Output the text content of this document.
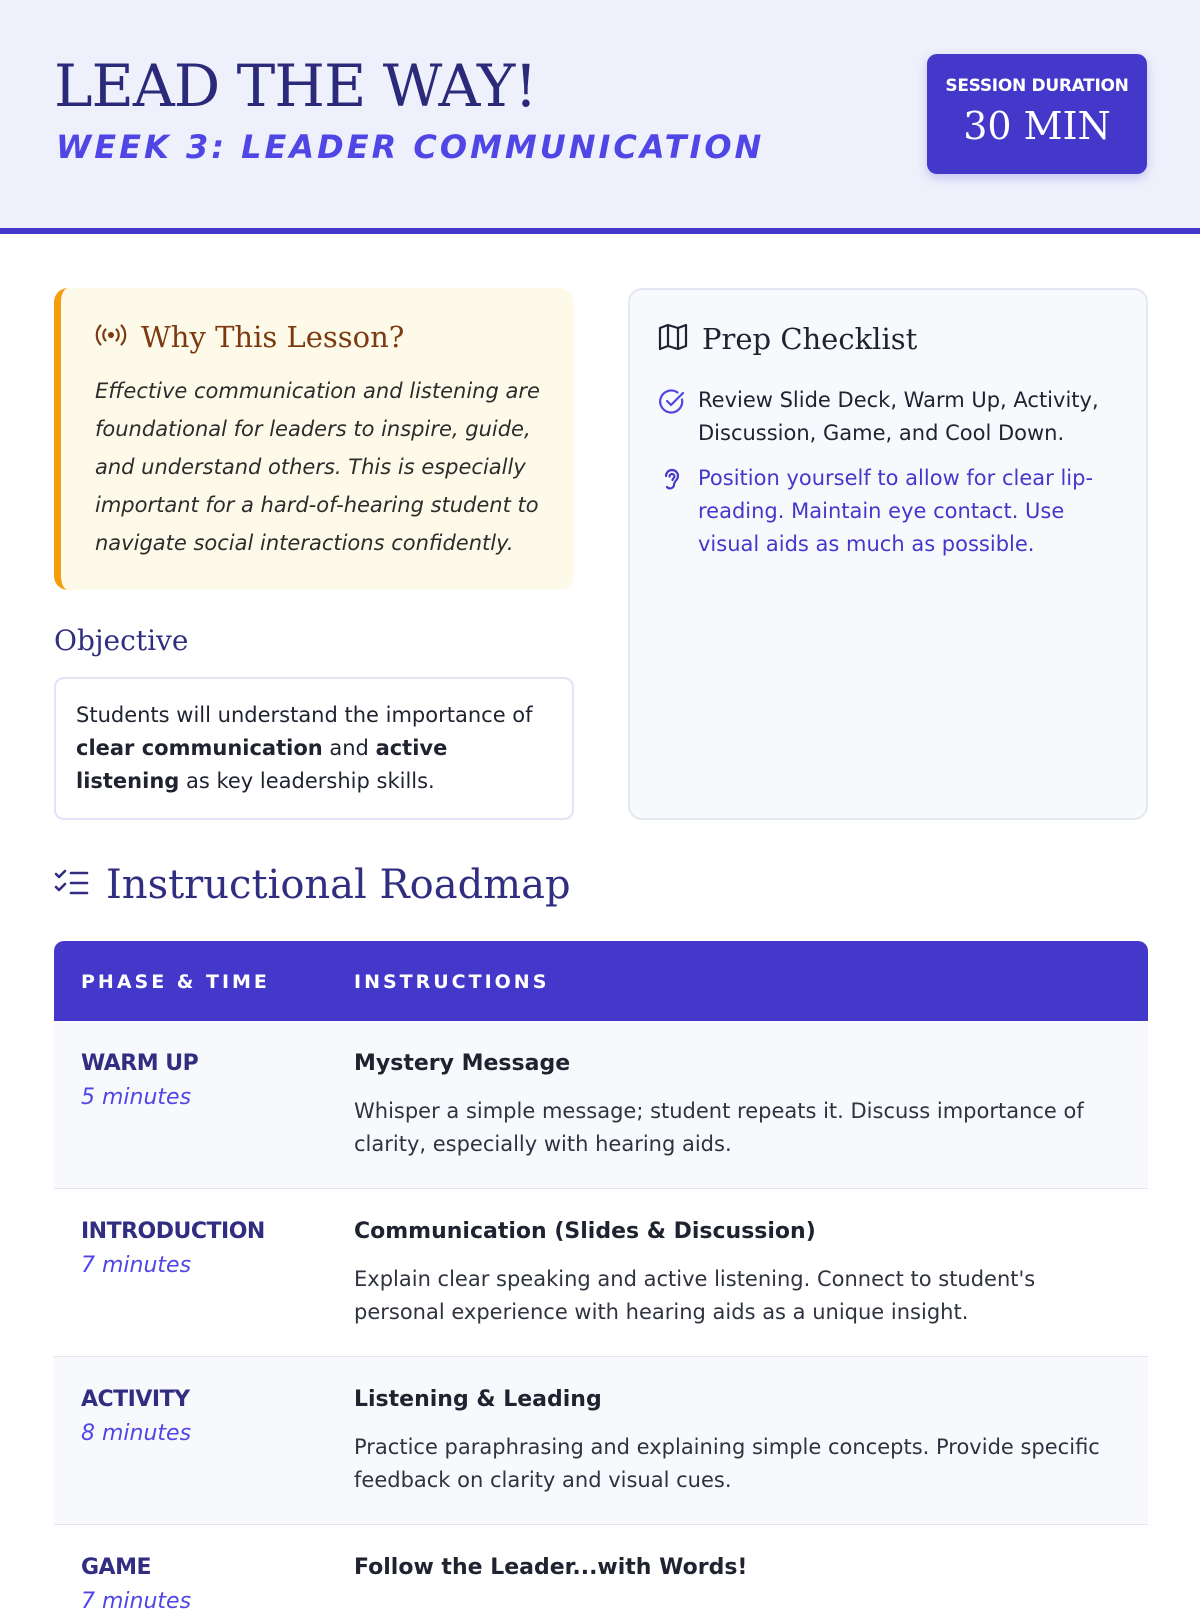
LEAD THE WAY!
WEEK 3: LEADER COMMUNICATION
SESSION DURATION
30 MIN
Why This Lesson?
Effective communication and listening are foundational for leaders to inspire, guide, and understand others. This is especially important for a hard-of-hearing student to navigate social interactions confidently.
Objective
Students will understand the importance of clear communication and active listening as key leadership skills.
Prep Checklist
Review Slide Deck, Warm Up, Activity, Discussion, Game, and Cool Down.
Position yourself to allow for clear lip-reading. Maintain eye contact. Use visual aids as much as possible.
Instructional Roadmap
PHASE & TIME	INSTRUCTIONS
WARM UP
5 minutes
Mystery Message
Whisper a simple message; student repeats it. Discuss importance of clarity, especially with hearing aids.
INTRODUCTION
7 minutes
Communication (Slides & Discussion)
Explain clear speaking and active listening. Connect to student's personal experience with hearing aids as a unique insight.
ACTIVITY
8 minutes
Listening & Leading
Practice paraphrasing and explaining simple concepts. Provide specific feedback on clarity and visual cues.
GAME
7 minutes
Follow the Leader...with Words!
